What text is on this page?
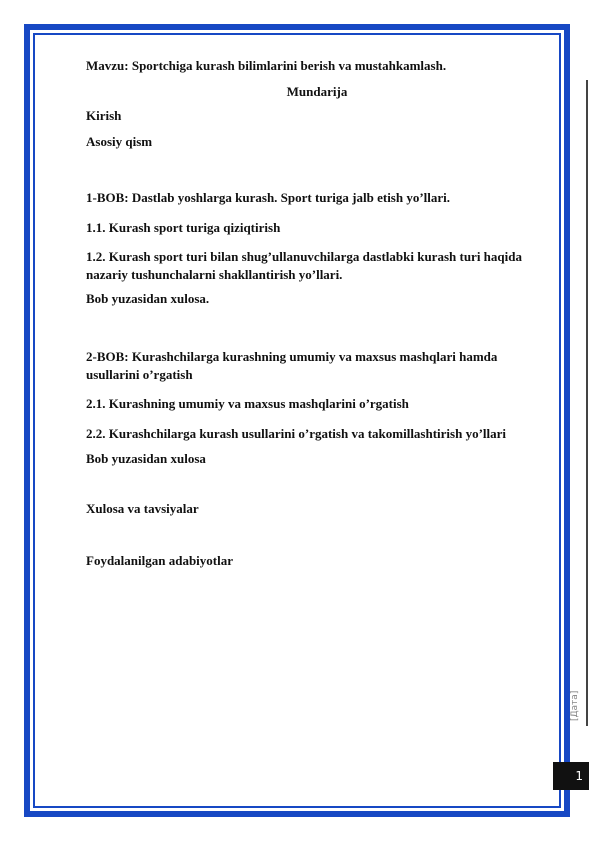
Mavzu: Sportchiga kurash bilimlarini berish va mustahkamlash.
Mundarija
Kirish
Asosiy qism
1-BOB: Dastlab yoshlarga kurash. Sport turiga jalb etish yo’llari.
1.1. Kurash sport turiga qiziqtirish
1.2. Kurash sport turi bilan shug’ullanuvchilarga dastlabki kurash turi haqida nazariy tushunchalarni shakllantirish yo’llari.
Bob yuzasidan xulosa.
2-BOB: Kurashchilarga kurashning umumiy va maxsus mashqlari hamda usullarini o’rgatish
2.1. Kurashning umumiy va maxsus mashqlarini o’rgatish
2.2. Kurashchilarga kurash usullarini o’rgatish va takomillashtirish yo’llari
Bob yuzasidan xulosa
Xulosa va tavsiyalar
Foydalanilgan adabiyotlar
[Дата]
1
